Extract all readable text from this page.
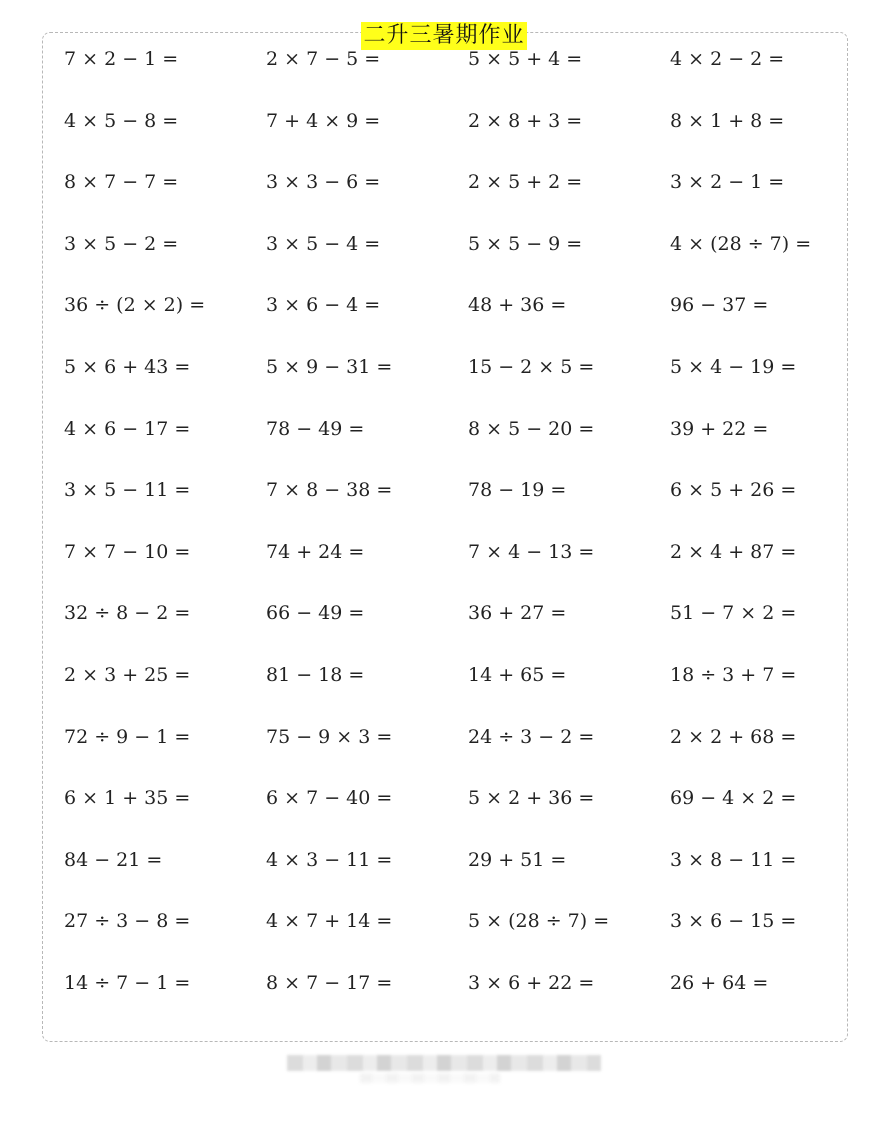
二升三暑期作业
7 × 2 − 1 =	2 × 7 − 5 =	5 × 5 + 4 =	4 × 2 − 2 =
4 × 5 − 8 =	7 + 4 × 9 =	2 × 8 + 3 =	8 × 1 + 8 =
8 × 7 − 7 =	3 × 3 − 6 =	2 × 5 + 2 =	3 × 2 − 1 =
3 × 5 − 2 =	3 × 5 − 4 =	5 × 5 − 9 =	4 × (28 ÷ 7) =
36 ÷ (2 × 2) =	3 × 6 − 4 =	48 + 36 =	96 − 37 =
5 × 6 + 43 =	5 × 9 − 31 =	15 − 2 × 5 =	5 × 4 − 19 =
4 × 6 − 17 =	78 − 49 =	8 × 5 − 20 =	39 + 22 =
3 × 5 − 11 =	7 × 8 − 38 =	78 − 19 =	6 × 5 + 26 =
7 × 7 − 10 =	74 + 24 =	7 × 4 − 13 =	2 × 4 + 87 =
32 ÷ 8 − 2 =	66 − 49 =	36 + 27 =	51 − 7 × 2 =
2 × 3 + 25 =	81 − 18 =	14 + 65 =	18 ÷ 3 + 7 =
72 ÷ 9 − 1 =	75 − 9 × 3 =	24 ÷ 3 − 2 =	2 × 2 + 68 =
6 × 1 + 35 =	6 × 7 − 40 =	5 × 2 + 36 =	69 − 4 × 2 =
84 − 21 =	4 × 3 − 11 =	29 + 51 =	3 × 8 − 11 =
27 ÷ 3 − 8 =	4 × 7 + 14 =	5 × (28 ÷ 7) =	3 × 6 − 15 =
14 ÷ 7 − 1 =	8 × 7 − 17 =	3 × 6 + 22 =	26 + 64 =
